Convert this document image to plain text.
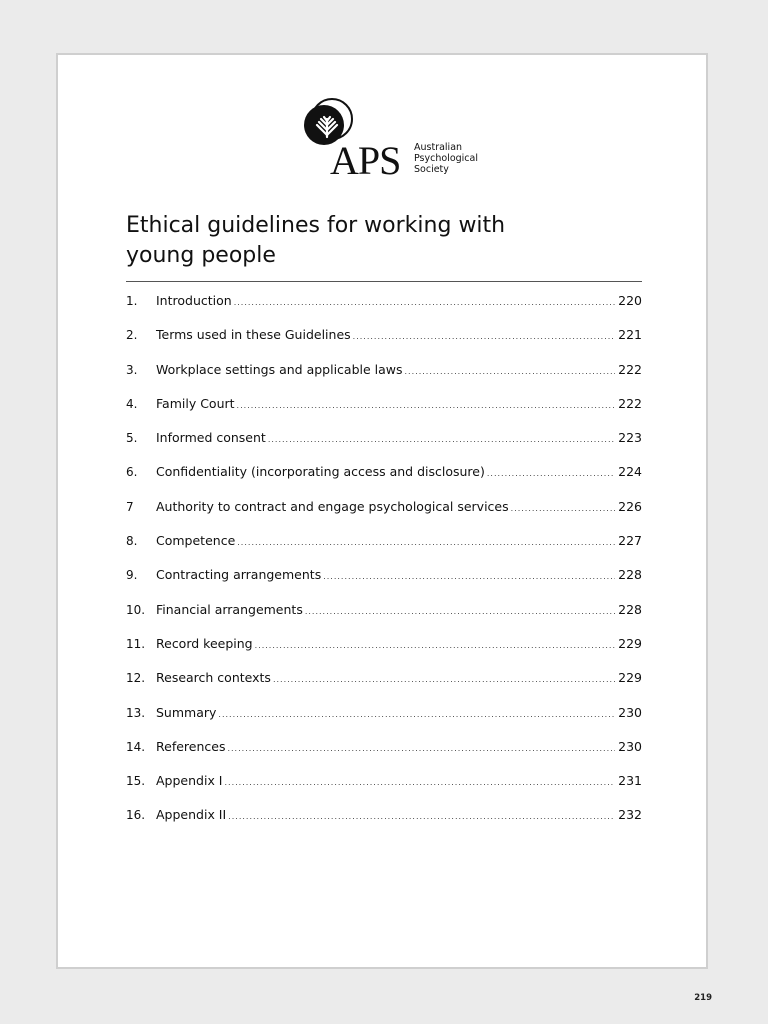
APS Australian
Psychological
Society
Ethical guidelines for working with young people
1.	Introduction .....	220
2.	Terms used in these Guidelines .....	221
3.	Workplace settings and applicable laws .....	222
4.	Family Court .....	222
5.	Informed consent .....	223
6.	Confidentiality (incorporating access and disclosure) .....	224
7	Authority to contract and engage psychological services .....	226
8.	Competence .....	227
9.	Contracting arrangements .....	228
10. Financial arrangements .....	228
11. Record keeping .....	229
12. Research contexts .....	229
13. Summary .....	230
14. References .....	230
15. Appendix I .....	231
16. Appendix II .....	232
219
